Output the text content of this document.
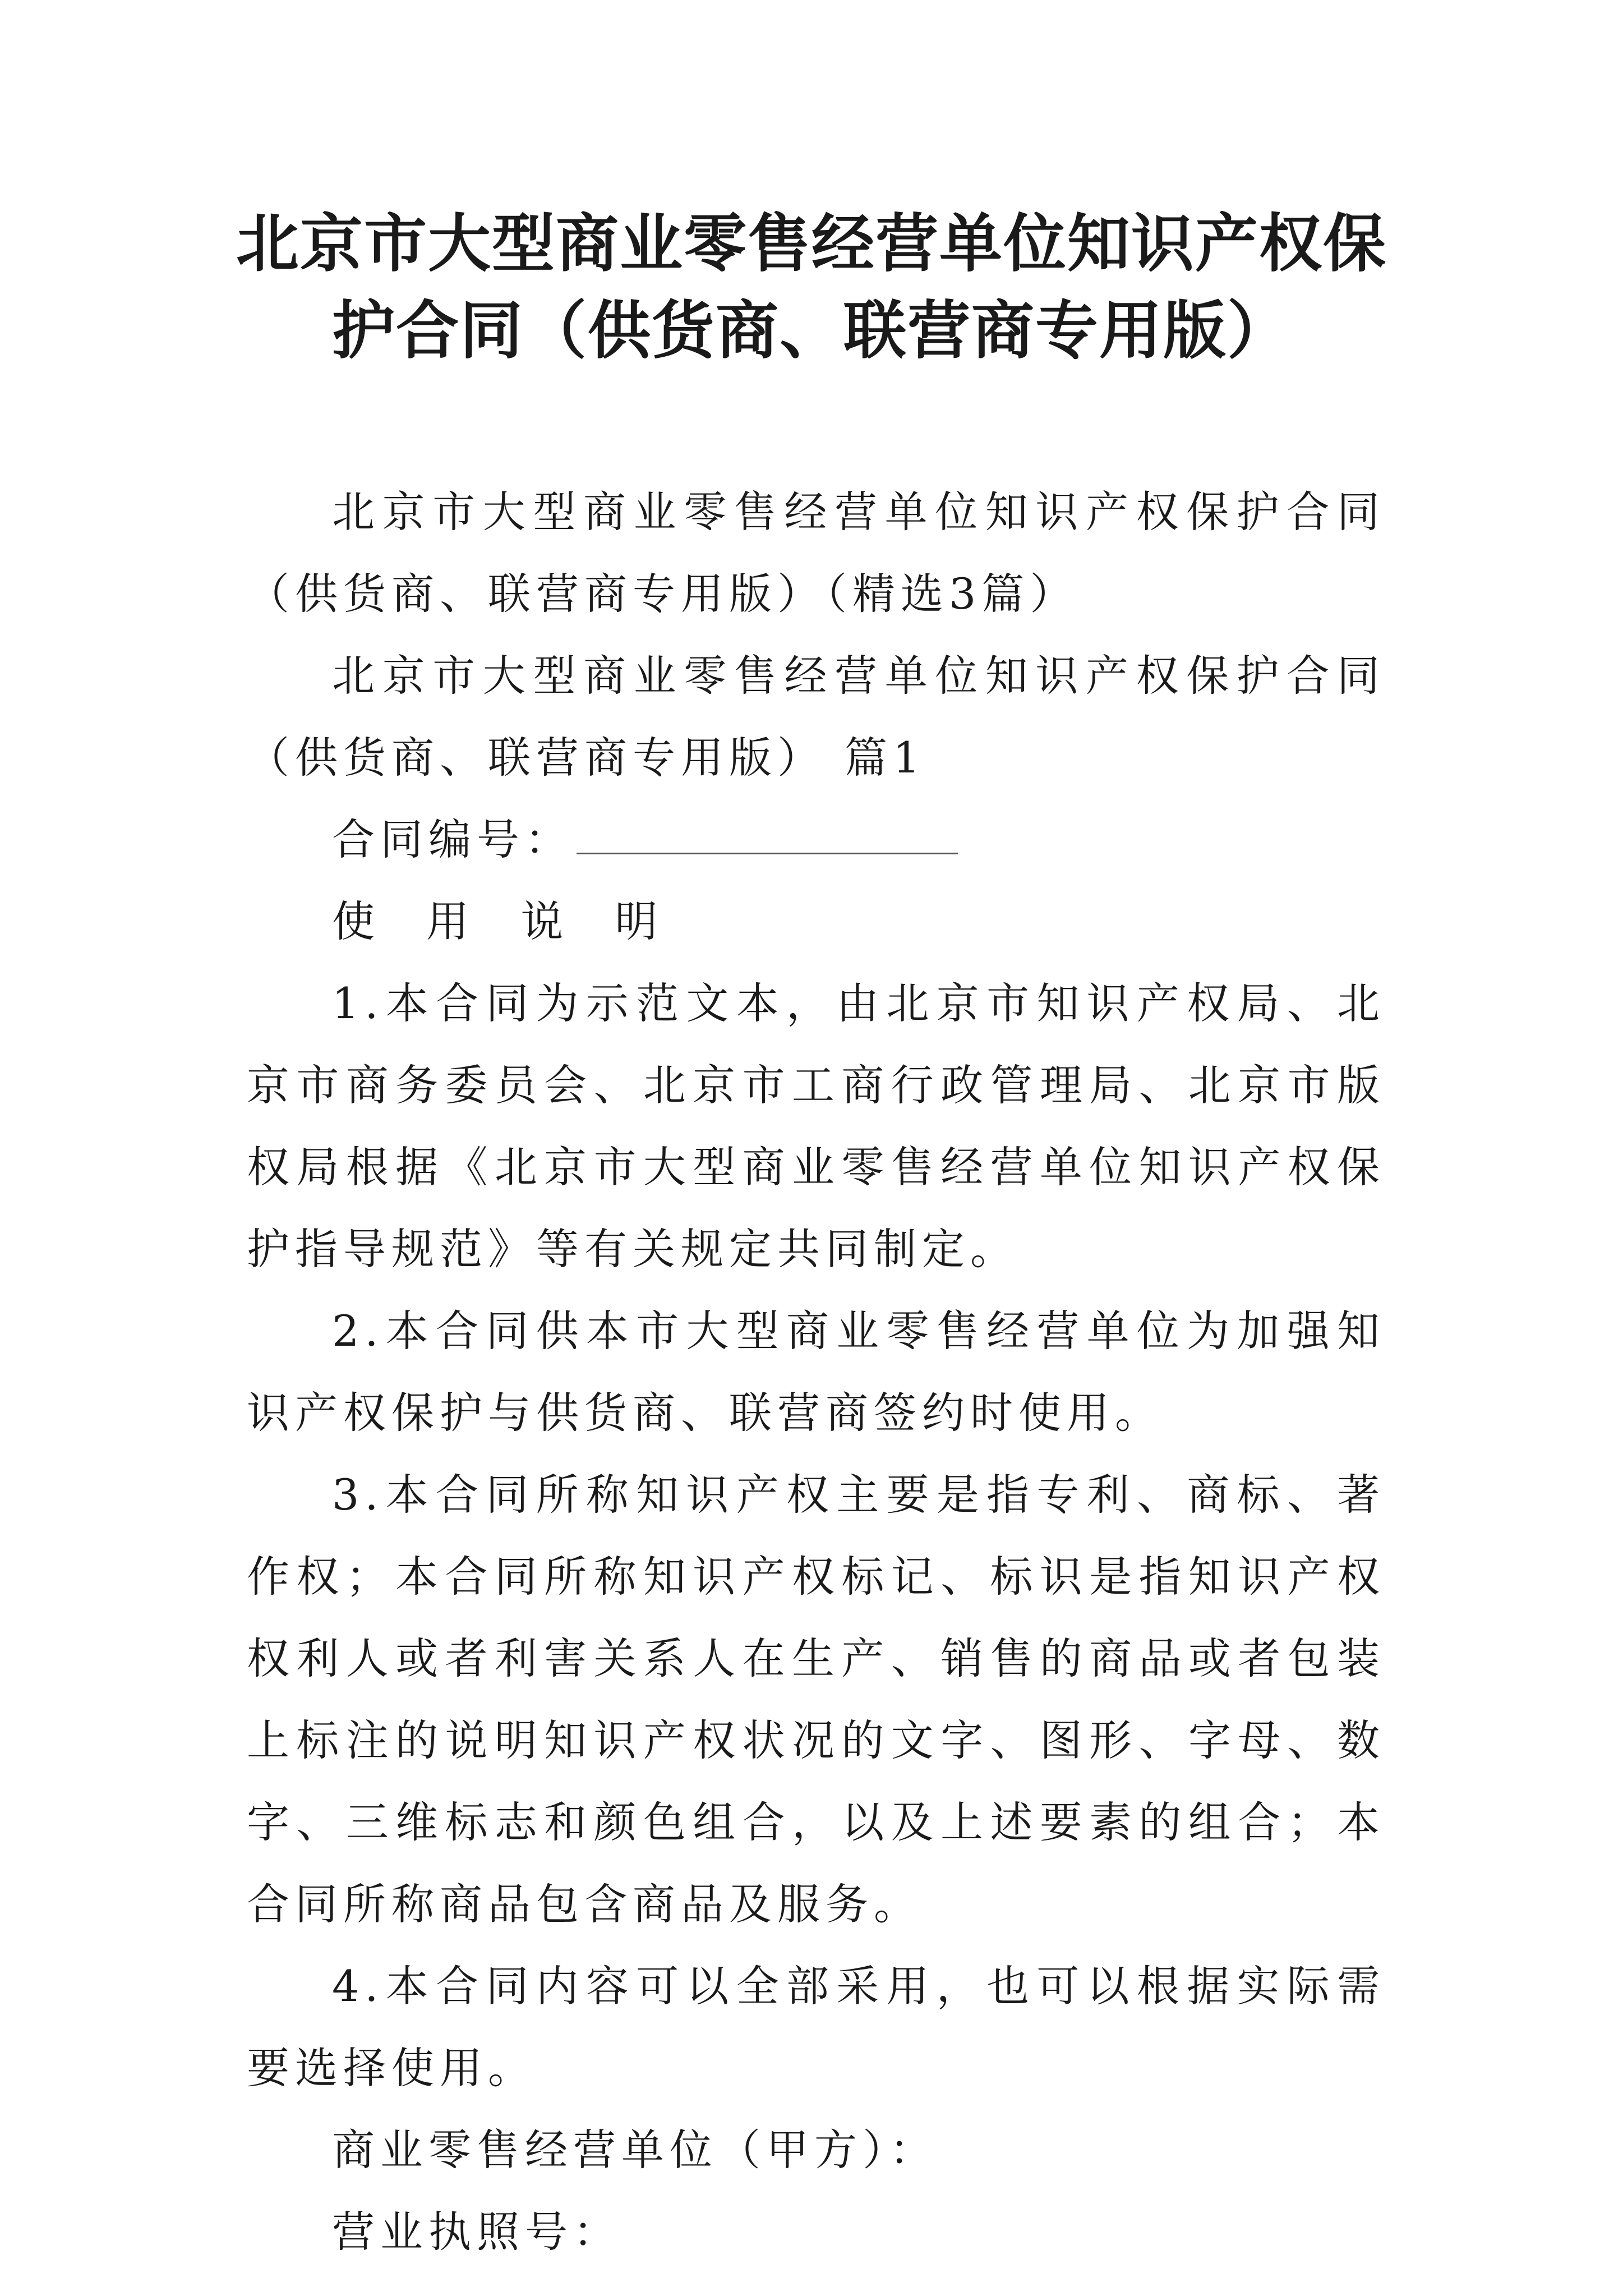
北京市大型商业零售经营单位知识产权保
护合同（供货商、联营商专用版）

北京市大型商业零售经营单位知识产权保护合同（供货商、联营商专用版）（精选3篇）

北京市大型商业零售经营单位知识产权保护合同（供货商、联营商专用版） 篇1

合同编号：

使 用 说 明

1.本合同为示范文本，由北京市知识产权局、北京市商务委员会、北京市工商行政管理局、北京市版权局根据《北京市大型商业零售经营单位知识产权保护指导规范》等有关规定共同制定。

2.本合同供本市大型商业零售经营单位为加强知识产权保护与供货商、联营商签约时使用。

3.本合同所称知识产权主要是指专利、商标、著作权；本合同所称知识产权标记、标识是指知识产权权利人或者利害关系人在生产、销售的商品或者包装上标注的说明知识产权状况的文字、图形、字母、数字、三维标志和颜色组合，以及上述要素的组合；本合同所称商品包含商品及服务。

4.本合同内容可以全部采用，也可以根据实际需要选择使用。

商业零售经营单位（甲方）：

营业执照号：
